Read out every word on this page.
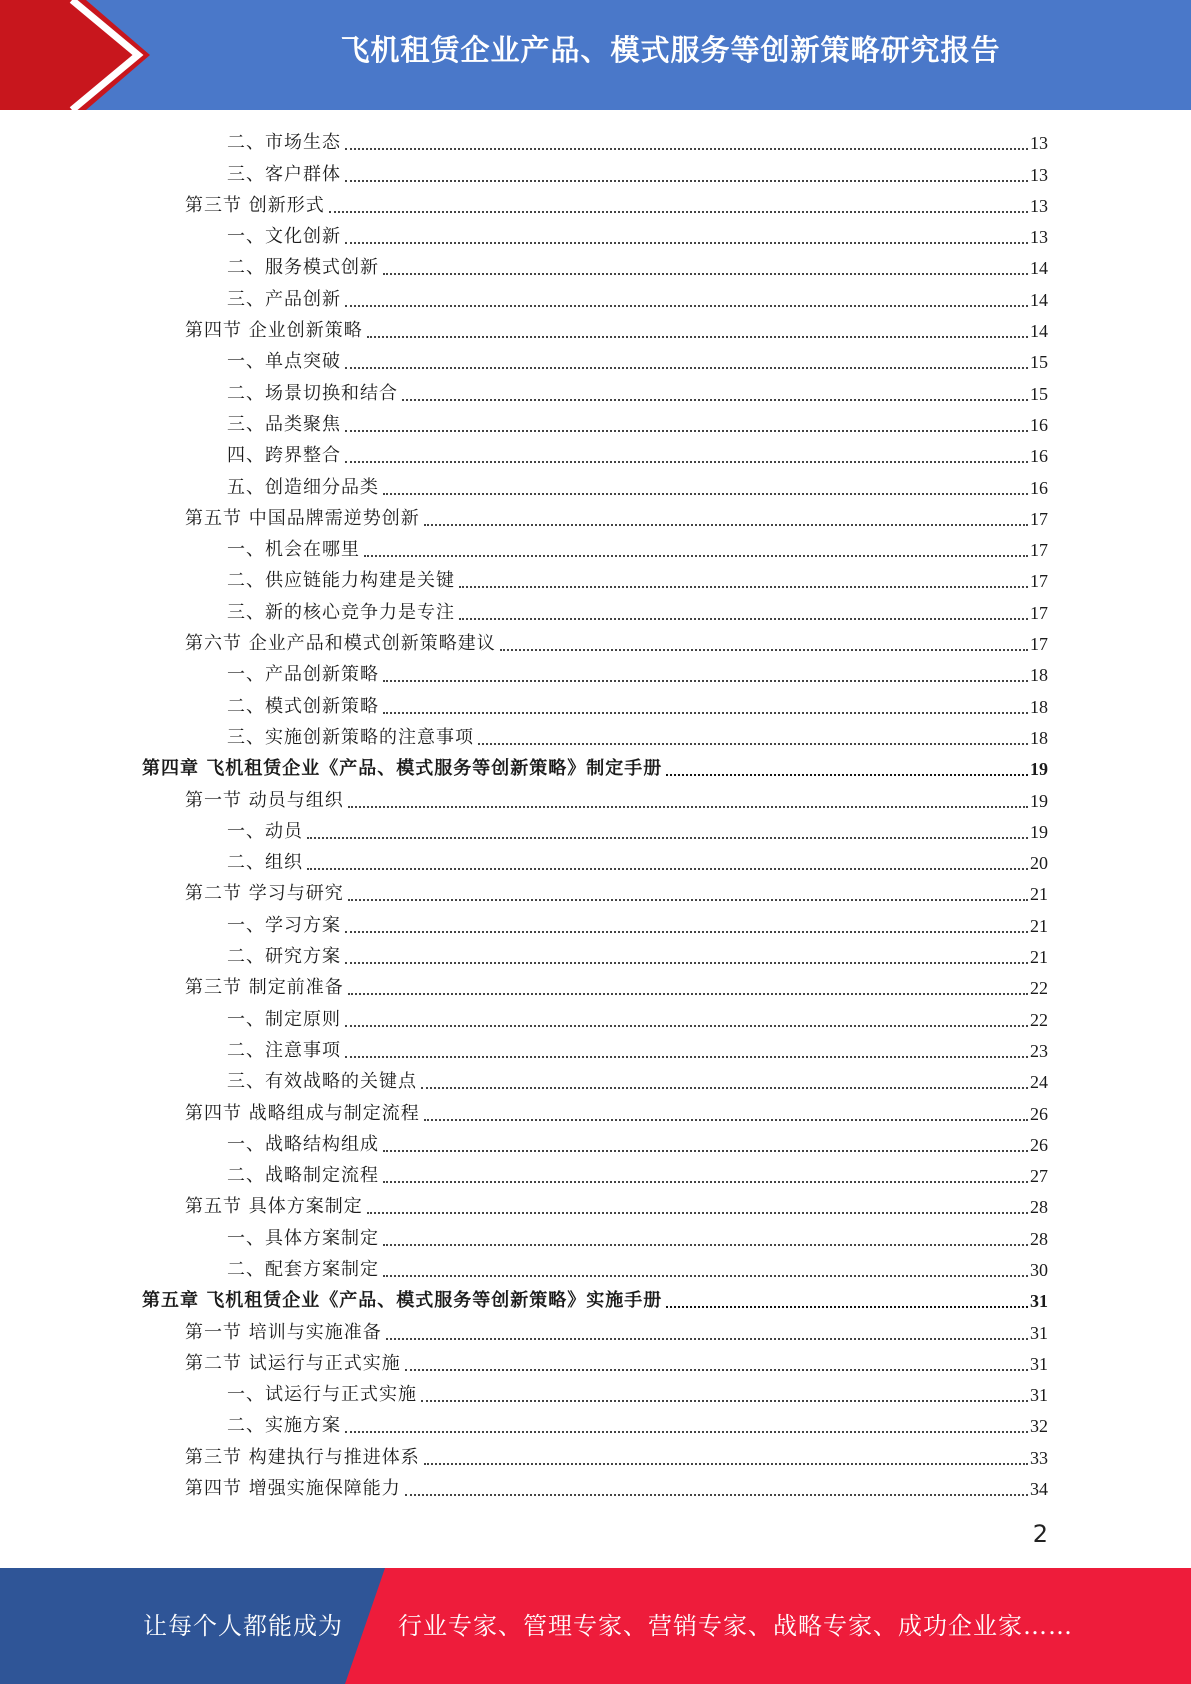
飞机租赁企业产品、模式服务等创新策略研究报告
二、市场生态	13
三、客户群体	13
第三节 创新形式	13
一、文化创新	13
二、服务模式创新	14
三、产品创新	14
第四节 企业创新策略	14
一、单点突破	15
二、场景切换和结合	15
三、品类聚焦	16
四、跨界整合	16
五、创造细分品类	16
第五节 中国品牌需逆势创新	17
一、机会在哪里	17
二、供应链能力构建是关键	17
三、新的核心竞争力是专注	17
第六节 企业产品和模式创新策略建议	17
一、产品创新策略	18
二、模式创新策略	18
三、实施创新策略的注意事项	18
第四章 飞机租赁企业《产品、模式服务等创新策略》制定手册	19
第一节 动员与组织	19
一、动员	19
二、组织	20
第二节 学习与研究	21
一、学习方案	21
二、研究方案	21
第三节 制定前准备	22
一、制定原则	22
二、注意事项	23
三、有效战略的关键点	24
第四节 战略组成与制定流程	26
一、战略结构组成	26
二、战略制定流程	27
第五节 具体方案制定	28
一、具体方案制定	28
二、配套方案制定	30
第五章 飞机租赁企业《产品、模式服务等创新策略》实施手册	31
第一节 培训与实施准备	31
第二节 试运行与正式实施	31
一、试运行与正式实施	31
二、实施方案	32
第三节 构建执行与推进体系	33
第四节 增强实施保障能力	34
2
让每个人都能成为 行业专家、管理专家、营销专家、战略专家、成功企业家……
